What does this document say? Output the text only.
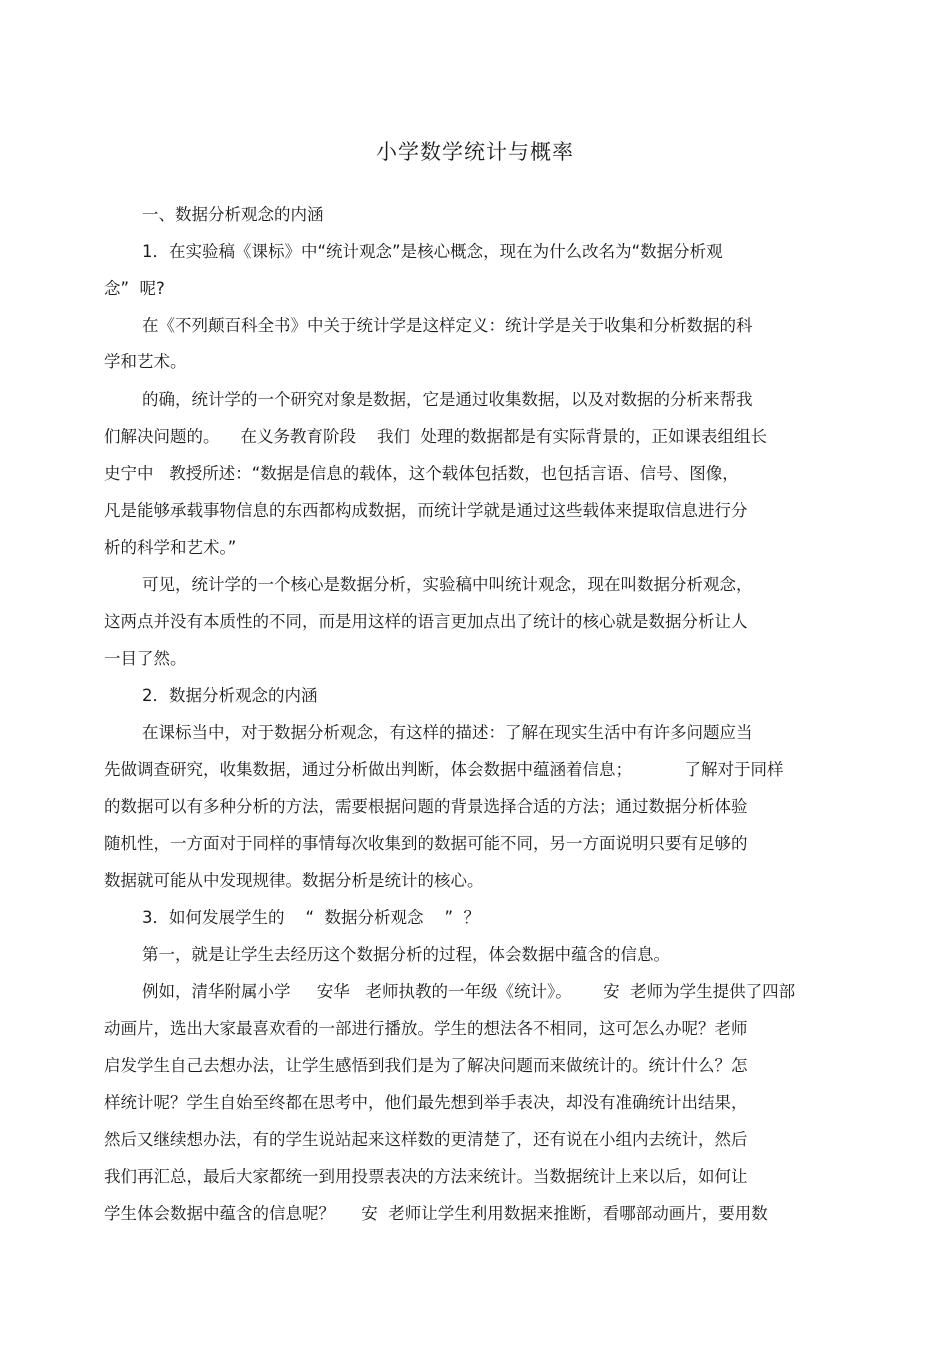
小学数学统计与概率
一、数据分析观念的内涵
1．在实验稿《课标》中“统计观念”是核心概念，现在为什么改名为“数据分析观
念”  呢?
在《不列颠百科全书》中关于统计学是这样定义：统计学是关于收集和分析数据的科
学和艺术。
的确，统计学的一个研究对象是数据，它是通过收集数据，以及对数据的分析来帮我
们解决问题的。    在义务教育阶段    我们  处理的数据都是有实际背景的，正如课表组组长
史宁中   教授所述：“数据是信息的载体，这个载体包括数，也包括言语、信号、图像，
凡是能够承载事物信息的东西都构成数据，而统计学就是通过这些载体来提取信息进行分
析的科学和艺术。”
可见，统计学的一个核心是数据分析，实验稿中叫统计观念，现在叫数据分析观念，
这两点并没有本质性的不同，而是用这样的语言更加点出了统计的核心就是数据分析让人
一目了然。
2．数据分析观念的内涵
在课标当中，对于数据分析观念，有这样的描述：了解在现实生活中有许多问题应当
先做调查研究，收集数据，通过分析做出判断，体会数据中蕴涵着信息；          了解对于同样
的数据可以有多种分析的方法，需要根据问题的背景选择合适的方法；通过数据分析体验
随机性，一方面对于同样的事情每次收集到的数据可能不同，另一方面说明只要有足够的
数据就可能从中发现规律。数据分析是统计的核心。
3．如何发展学生的    “  数据分析观念    ”  ？
第一，就是让学生去经历这个数据分析的过程，体会数据中蕴含的信息。
例如，清华附属小学     安华   老师执教的一年级《统计》。      安  老师为学生提供了四部
动画片，选出大家最喜欢看的一部进行播放。学生的想法各不相同，这可怎么办呢？老师
启发学生自己去想办法，让学生感悟到我们是为了解决问题而来做统计的。统计什么？怎
样统计呢？学生自始至终都在思考中，他们最先想到举手表决，却没有准确统计出结果，
然后又继续想办法，有的学生说站起来这样数的更清楚了，还有说在小组内去统计，然后
我们再汇总，最后大家都统一到用投票表决的方法来统计。当数据统计上来以后，如何让
学生体会数据中蕴含的信息呢？     安  老师让学生利用数据来推断，看哪部动画片，要用数
